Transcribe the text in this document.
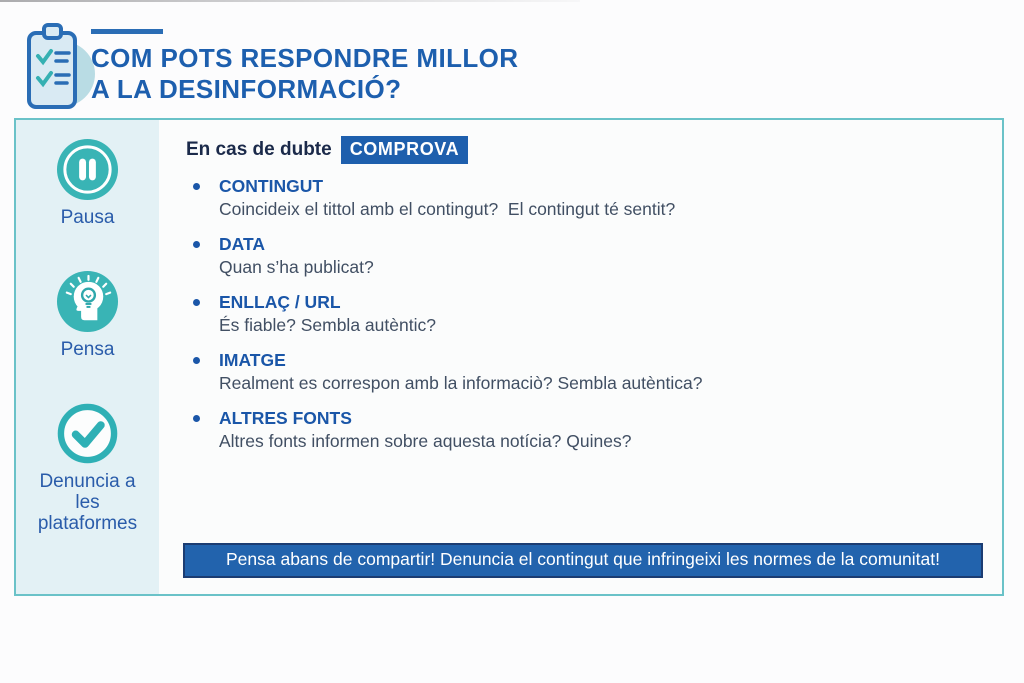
COM POTS RESPONDRE MILLOR
A LA DESINFORMACIÓ?
Pausa
Pensa
Denuncia a les plataformes
En cas de dubte	COMPROVA
CONTINGUT
Coincideix el tittol amb el contingut?  El contingut té sentit?
DATA
Quan s’ha publicat?
ENLLAÇ / URL
És fiable? Sembla autèntic?
IMATGE
Realment es correspon amb la informaciò? Sembla autèntica?
ALTRES FONTS
Altres fonts informen sobre aquesta notícia? Quines?
Pensa abans de compartir! Denuncia el contingut que infringeixi les normes de la comunitat!
